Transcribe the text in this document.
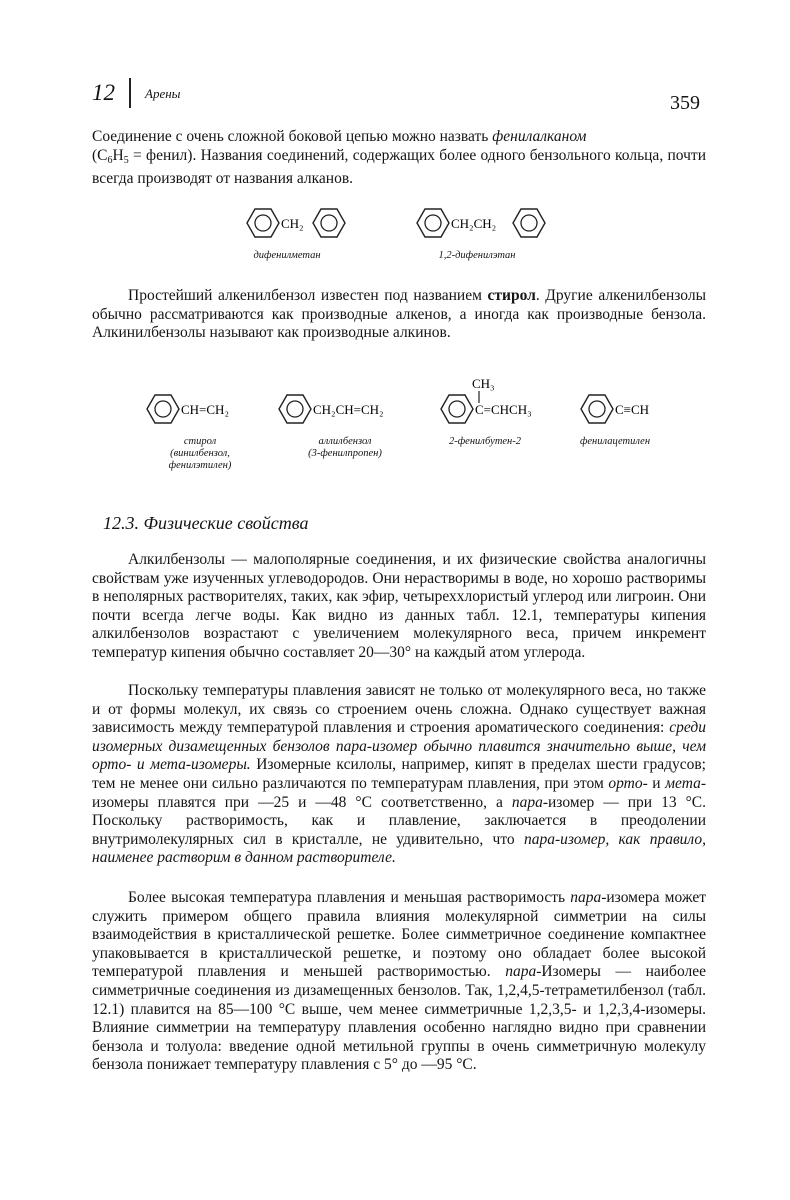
12 Арены	359

Соединение с очень сложной боковой цепью можно назвать фенилалканом
($C_6H_5$ = фенил). Названия соединений, содержащих более одного бензольного кольца, почти всегда производят от названия алканов.

CH₂
дифенилметан
CH₂CH₂
1,2-дифенилэтан

Простейший алкенилбензол известен под названием стирол. Другие алкенилбензолы обычно рассматриваются как производные алкенов, а иногда как производные бензола. Алкинилбензолы называют как производные алкинов.

CH=CH₂
стирол
(винилбензол,
фенилэтилен)
CH₂CH=CH₂
аллилбензол
(3-фенилпропен)
CH₃
C=CHCH₃
2-фенилбутен-2
C≡CH
фенилацетилен
12.3. Физические свойства

Алкилбензолы — малополярные соединения, и их физические свойства аналогичны свойствам уже изученных углеводородов. Они нерастворимы в воде, но хорошо растворимы в неполярных растворителях, таких, как эфир, четыреххлористый углерод или лигроин. Они почти всегда легче воды. Как видно из данных табл. 12.1, температуры кипения алкилбензолов возрастают с увеличением молекулярного веса, причем инкремент температур кипения обычно составляет 20—30° на каждый атом углерода.

Поскольку температуры плавления зависят не только от молекулярного веса, но также и от формы молекул, их связь со строением очень сложна. Однако существует важная зависимость между температурой плавления и строения ароматического соединения: среди изомерных дизамещенных бензолов пара-изомер обычно плавится значительно выше, чем орто- и мета-изомеры. Изомерные ксилолы, например, кипят в пределах шести градусов; тем не менее они сильно различаются по температурам плавления, при этом орто- и мета-изомеры плавятся при —25 и —48 °С соответственно, а пара-изомер — при 13 °С. Поскольку растворимость, как и плавление, заключается в преодолении внутримолекулярных сил в кристалле, не удивительно, что пара-изомер, как правило, наименее растворим в данном растворителе.

Более высокая температура плавления и меньшая растворимость пара-изомера может служить примером общего правила влияния молекулярной симметрии на силы взаимодействия в кристаллической решетке. Более симметричное соединение компактнее упаковывается в кристаллической решетке, и поэтому оно обладает более высокой температурой плавления и меньшей растворимостью. пара-Изомеры — наиболее симметричные соединения из дизамещенных бензолов. Так, 1,2,4,5-тетраметилбензол (табл. 12.1) плавится на 85—100 °С выше, чем менее симметричные 1,2,3,5- и 1,2,3,4-изомеры. Влияние симметрии на температуру плавления особенно наглядно видно при сравнении бензола и толуола: введение одной метильной группы в очень симметричную молекулу бензола понижает температуру плавления с 5° до —95 °С.
